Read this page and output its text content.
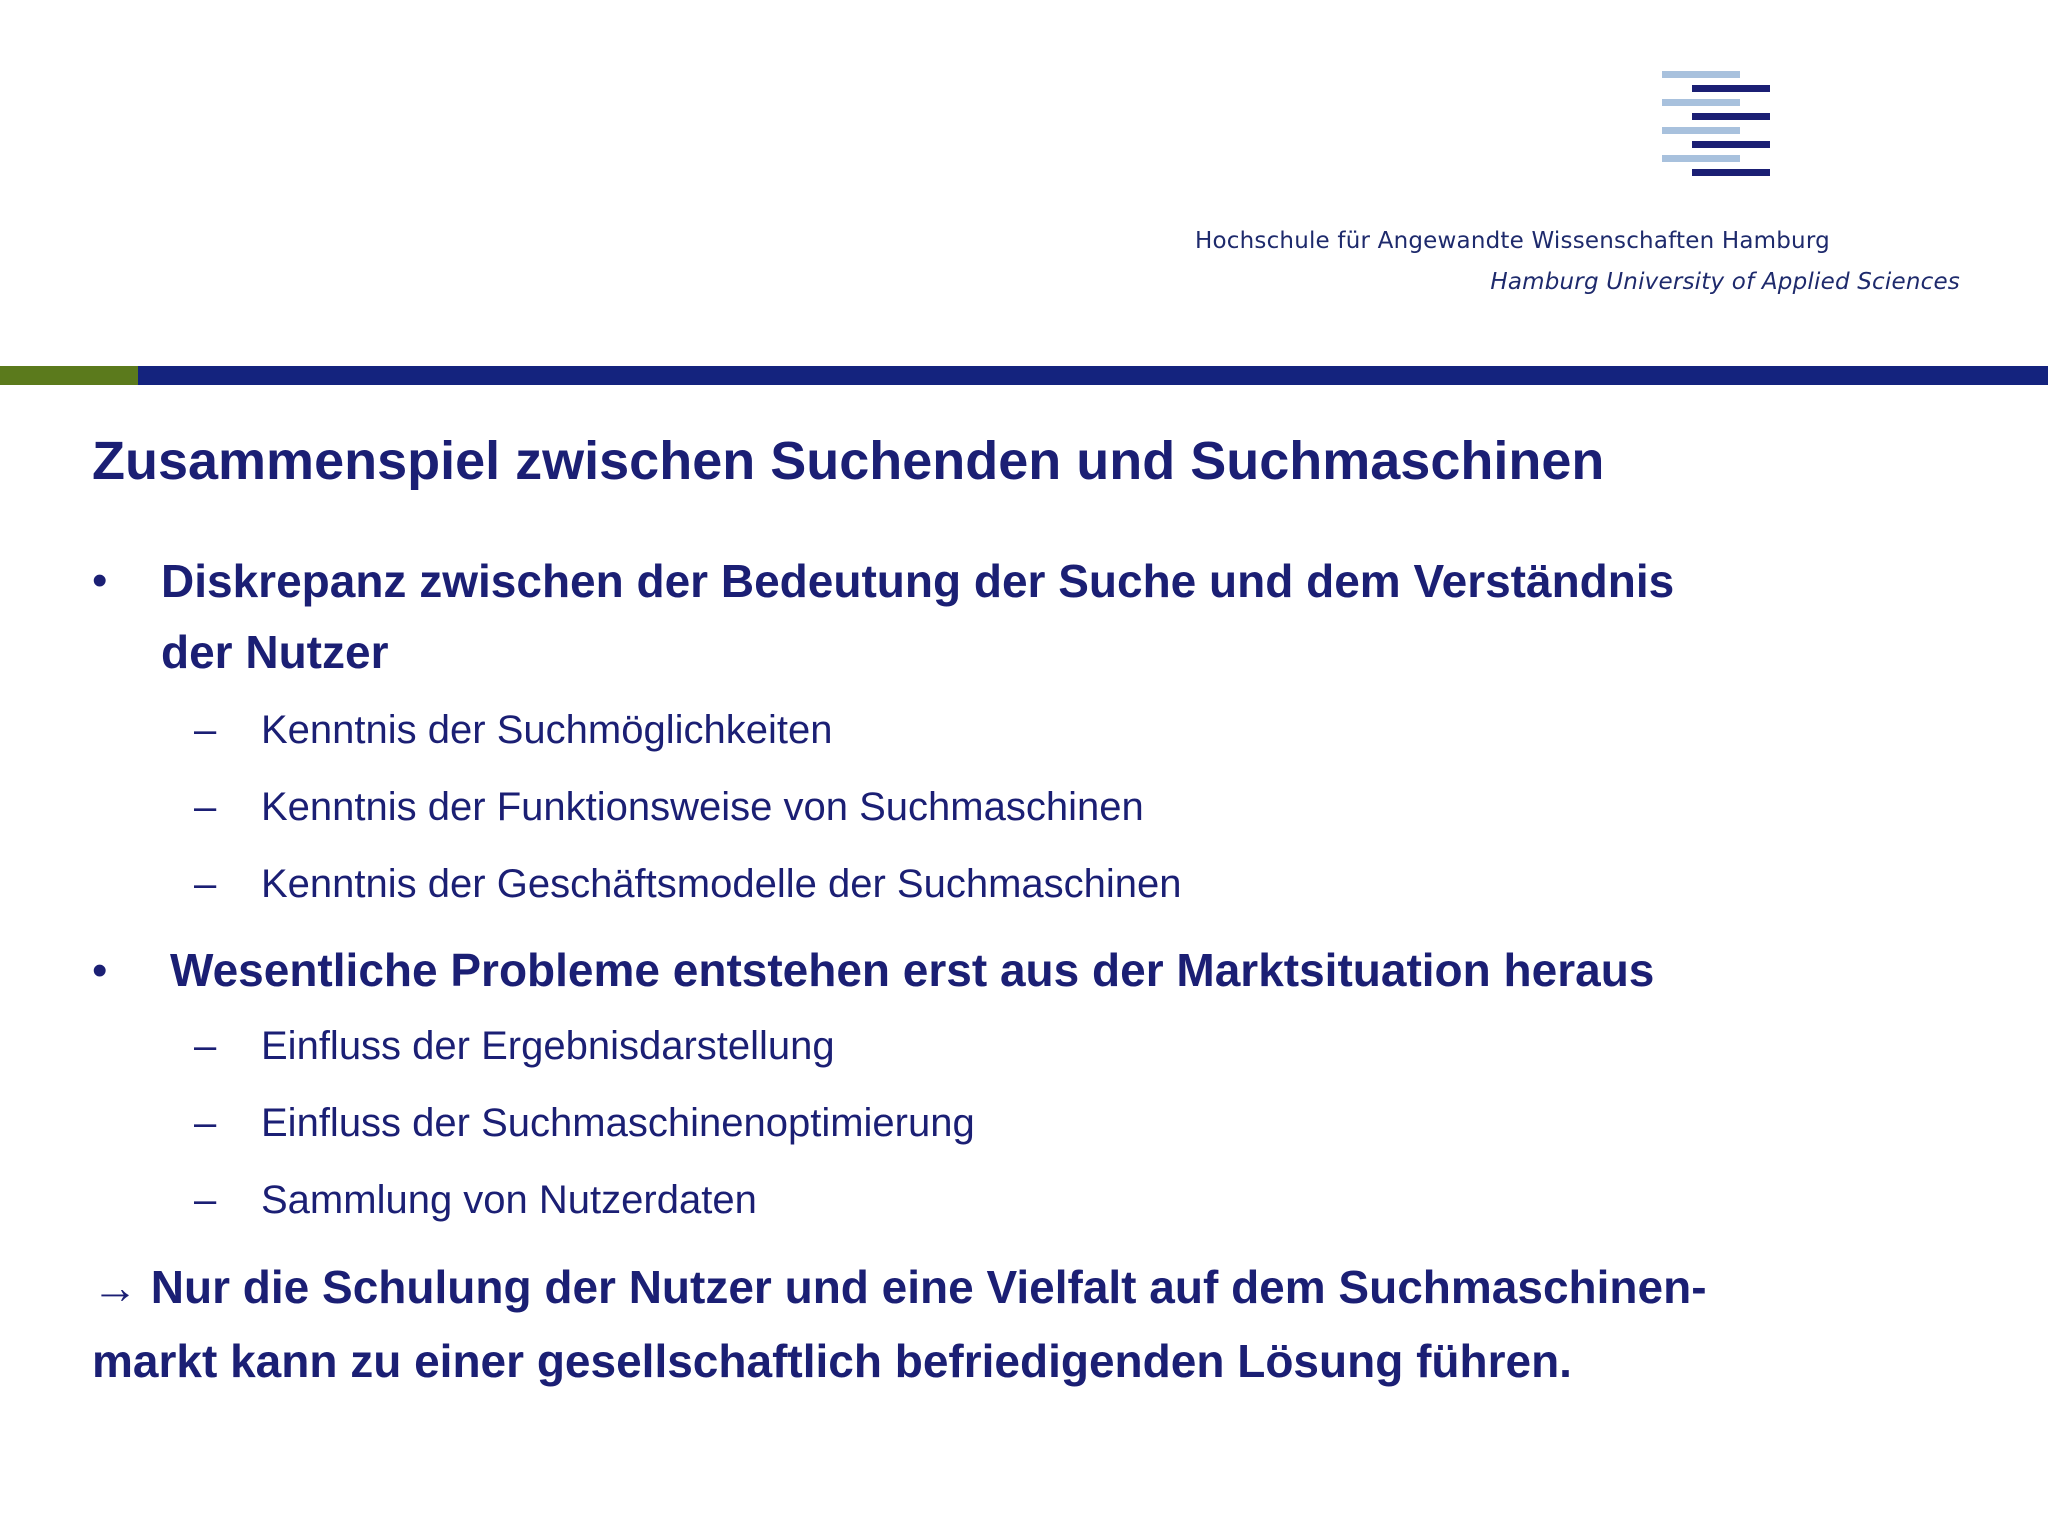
Hochschule für Angewandte Wissenschaften Hamburg
Hamburg University of Applied Sciences
Zusammenspiel zwischen Suchenden und Suchmaschinen
• Diskrepanz zwischen der Bedeutung der Suche und dem Verständnis
der Nutzer
– Kenntnis der Suchmöglichkeiten
– Kenntnis der Funktionsweise von Suchmaschinen
– Kenntnis der Geschäftsmodelle der Suchmaschinen
• Wesentliche Probleme entstehen erst aus der Marktsituation heraus
– Einfluss der Ergebnisdarstellung
– Einfluss der Suchmaschinenoptimierung
– Sammlung von Nutzerdaten
→ Nur die Schulung der Nutzer und eine Vielfalt auf dem Suchmaschinen-
markt kann zu einer gesellschaftlich befriedigenden Lösung führen.
